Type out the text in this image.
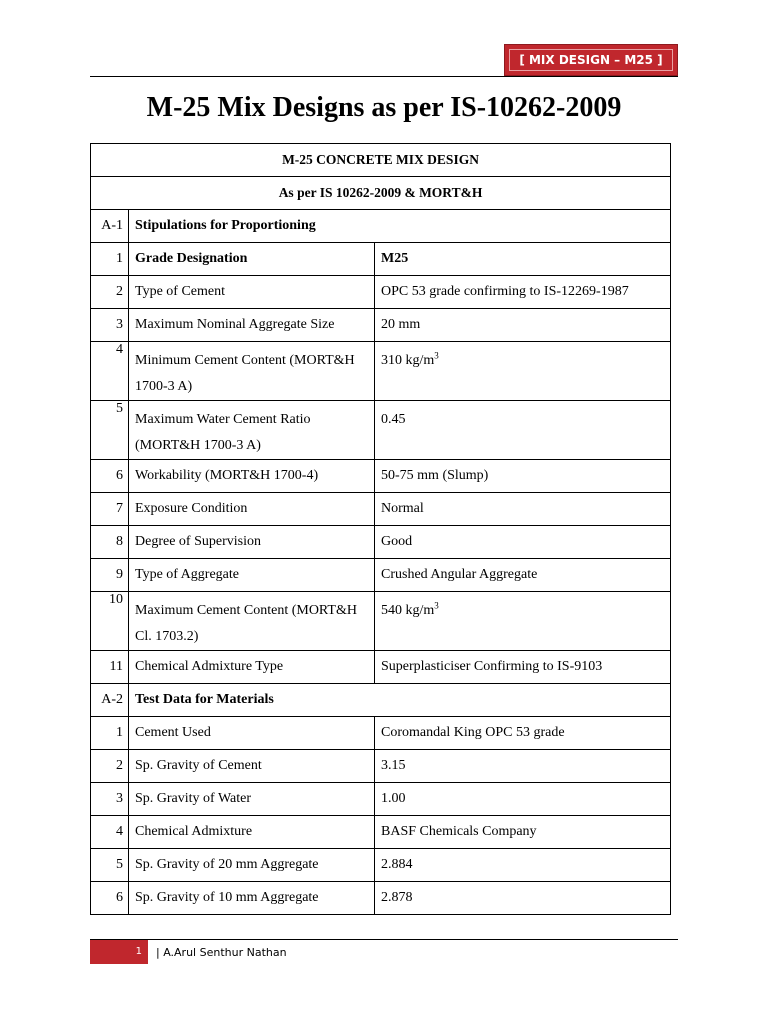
[ MIX DESIGN – M25 ]
M-25 Mix Designs as per IS-10262-2009
M-25 CONCRETE MIX DESIGN		
As per IS 10262-2009 & MORT&H		
A-1	Stipulations for Proportioning	
1	Grade Designation	M25
2	Type of Cement	OPC 53 grade confirming to IS-12269-1987
3	Maximum Nominal Aggregate Size	20 mm
4	Minimum Cement Content (MORT&H 1700-3 A)	310 $kg/m^3$

5	Maximum Water Cement Ratio (MORT&H 1700-3 A)	0.45

6	Workability (MORT&H 1700-4)	50-75 mm (Slump)
7	Exposure Condition	Normal
8	Degree of Supervision	Good
9	Type of Aggregate	Crushed Angular Aggregate
10	Maximum Cement Content (MORT&H Cl. 1703.2)	540 $kg/m^3$

11	Chemical Admixture Type	Superplasticiser Confirming to IS-9103
A-2	Test Data for Materials	
1	Cement Used	Coromandal King OPC 53 grade
2	Sp. Gravity of Cement	3.15
3	Sp. Gravity of Water	1.00
4	Chemical Admixture	BASF Chemicals Company
5	Sp. Gravity of 20 mm Aggregate	2.884
6	Sp. Gravity of 10 mm Aggregate	2.878
1 | A.Arul Senthur Nathan
